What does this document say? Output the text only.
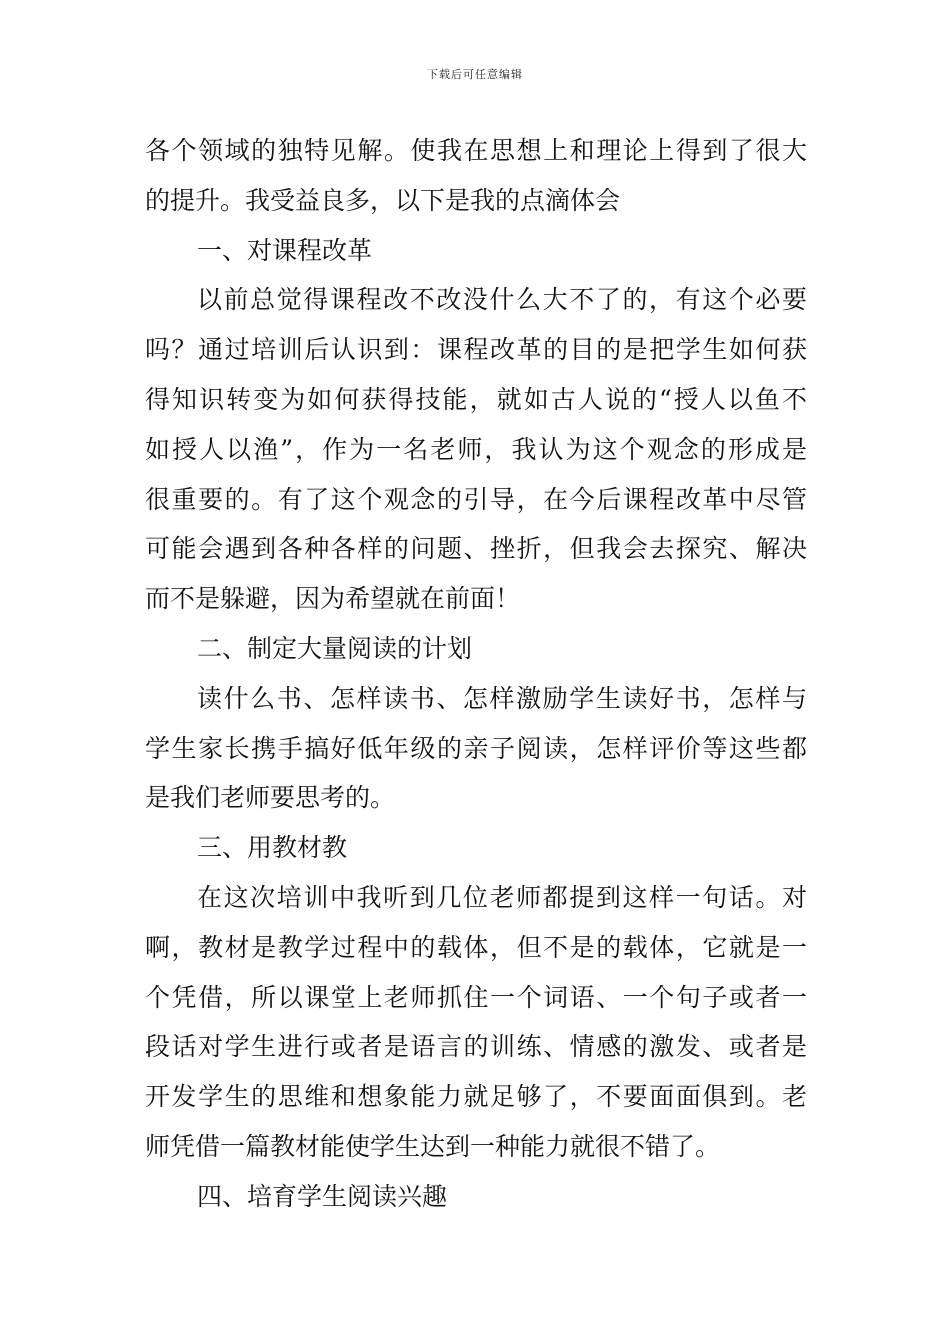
下载后可任意编辑
各个领域的独特见解。使我在思想上和理论上得到了很大
的提升。我受益良多，以下是我的点滴体会
一、对课程改革
以前总觉得课程改不改没什么大不了的，有这个必要
吗？通过培训后认识到：课程改革的目的是把学生如何获
得知识转变为如何获得技能，就如古人说的“授人以鱼不
如授人以渔”，作为一名老师，我认为这个观念的形成是
很重要的。有了这个观念的引导，在今后课程改革中尽管
可能会遇到各种各样的问题、挫折，但我会去探究、解决
而不是躲避，因为希望就在前面！
二、制定大量阅读的计划
读什么书、怎样读书、怎样激励学生读好书，怎样与
学生家长携手搞好低年级的亲子阅读，怎样评价等这些都
是我们老师要思考的。
三、用教材教
在这次培训中我听到几位老师都提到这样一句话。对
啊，教材是教学过程中的载体，但不是的载体，它就是一
个凭借，所以课堂上老师抓住一个词语、一个句子或者一
段话对学生进行或者是语言的训练、情感的激发、或者是
开发学生的思维和想象能力就足够了，不要面面俱到。老
师凭借一篇教材能使学生达到一种能力就很不错了。
四、培育学生阅读兴趣
